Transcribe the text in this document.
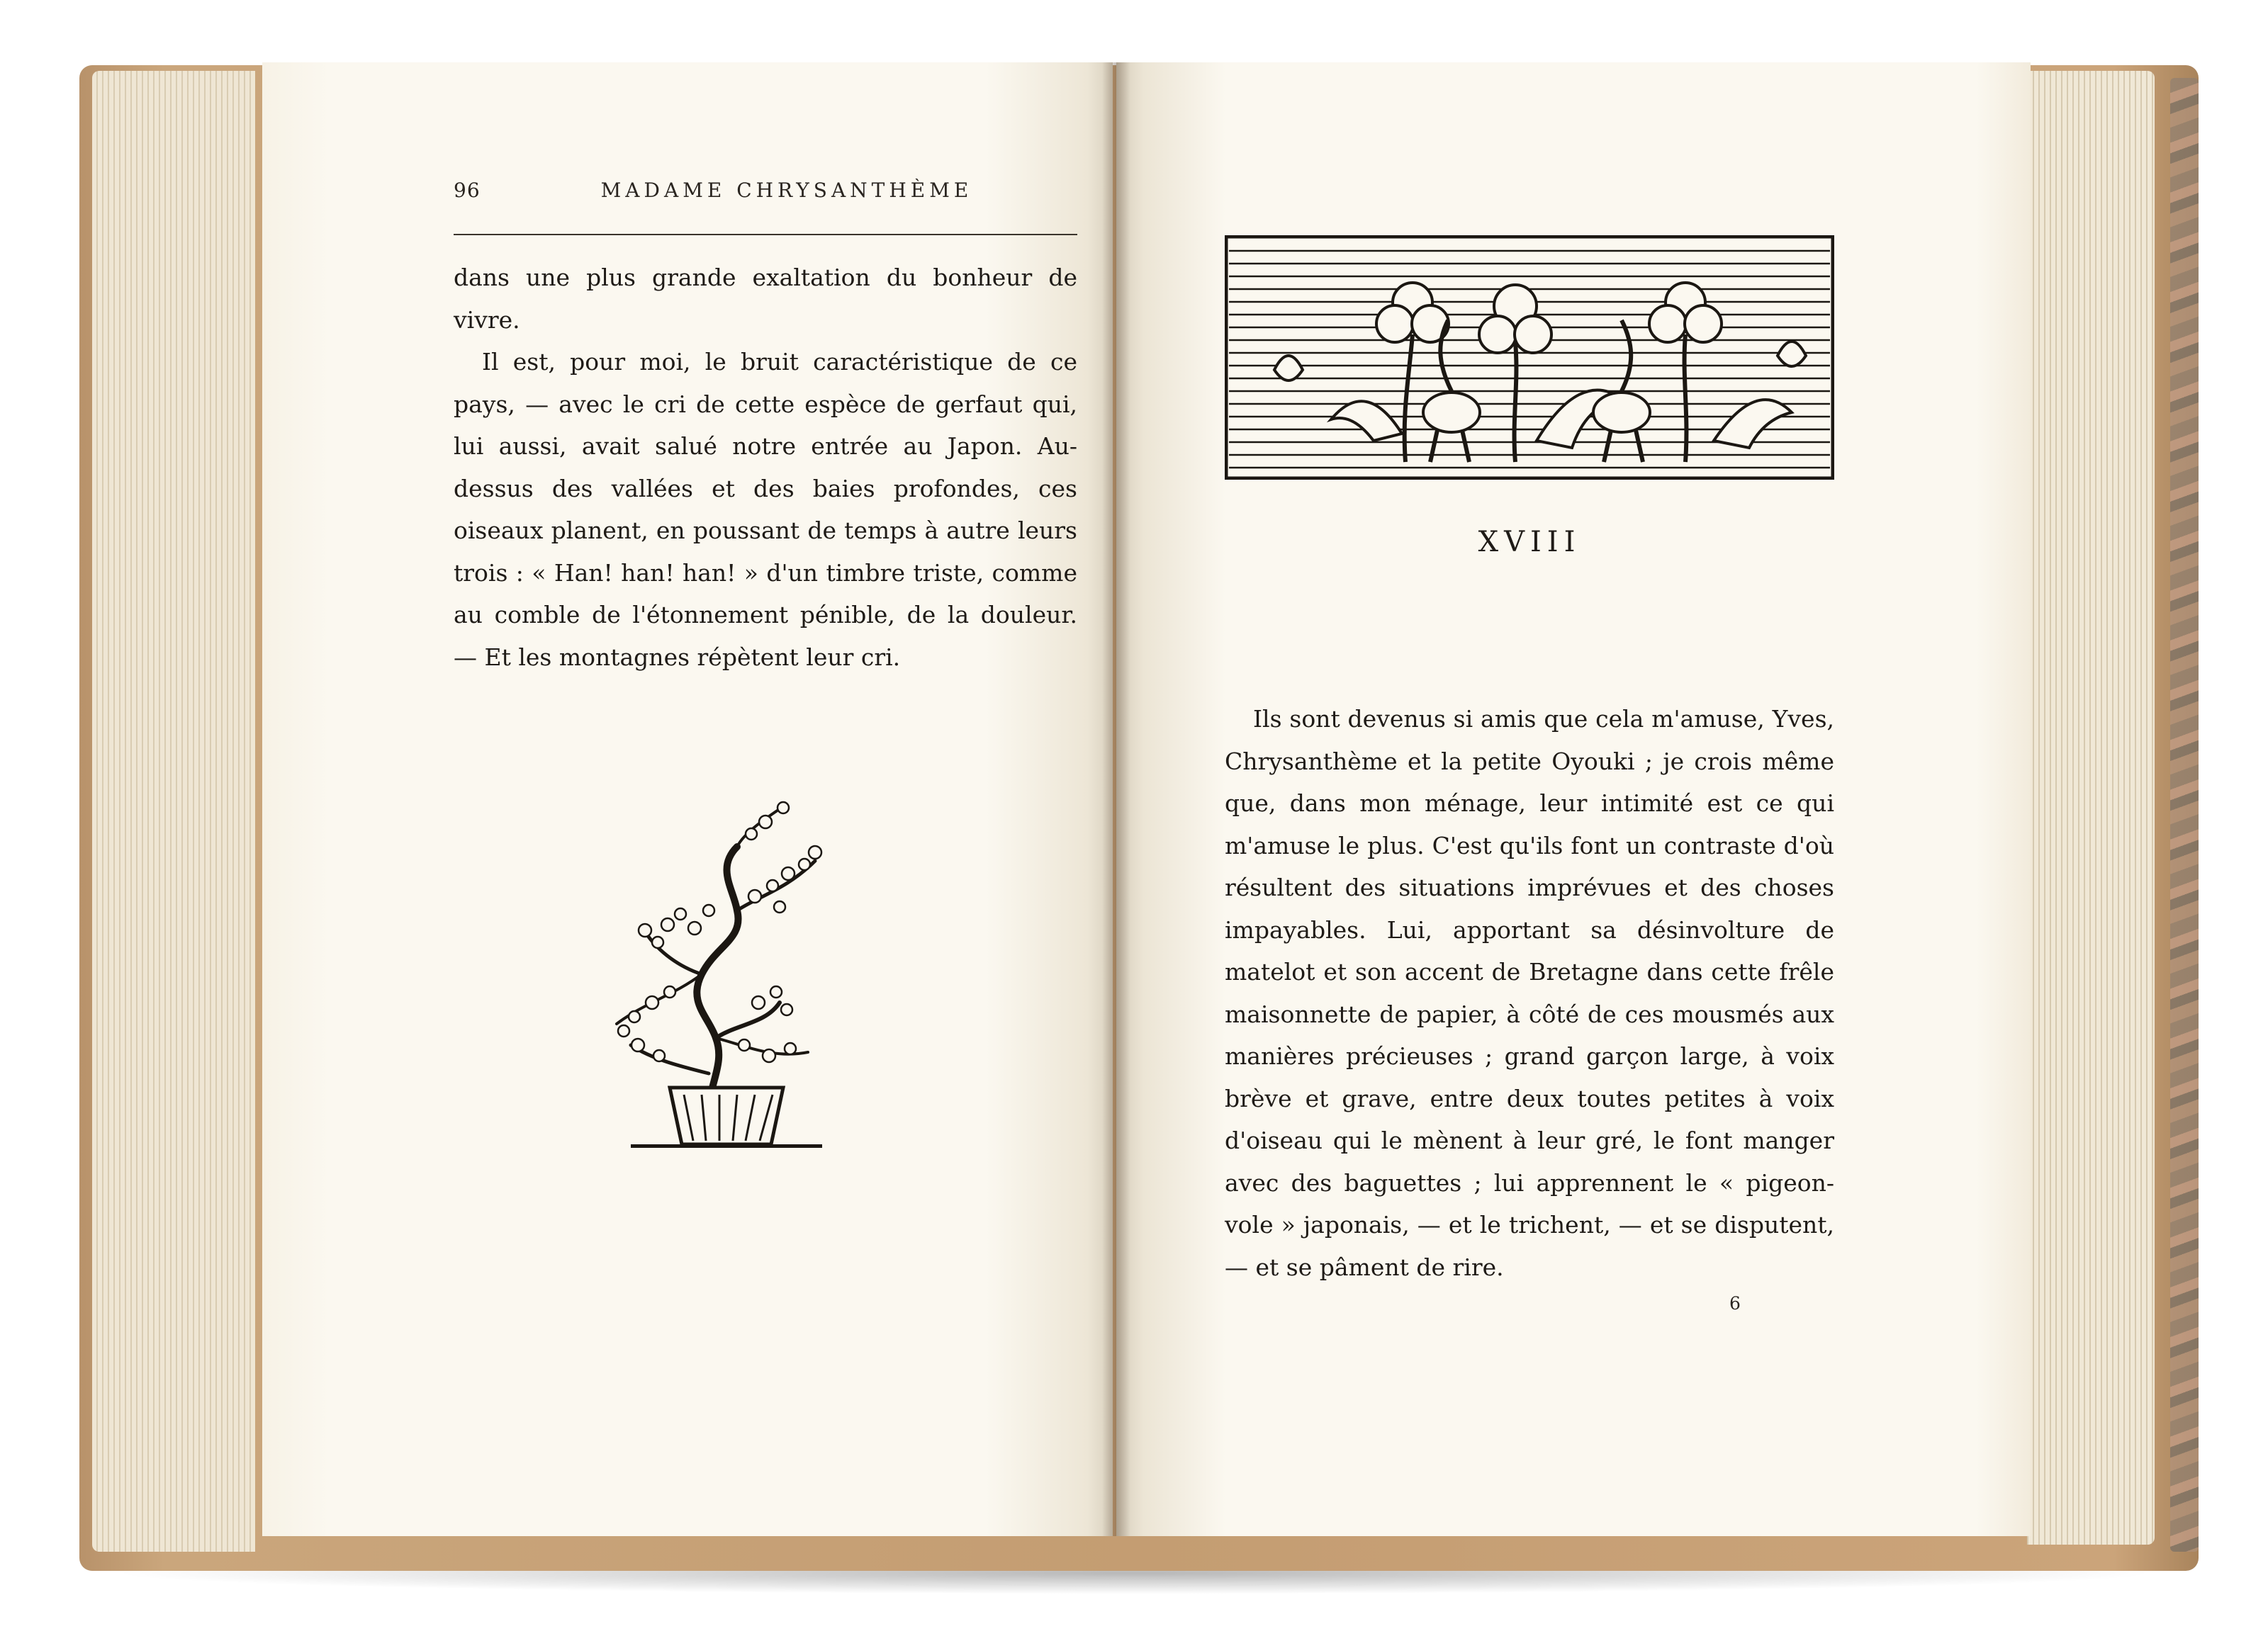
96	MADAME CHRYSANTHÈME

dans une plus grande exaltation du bonheur de vivre.

Il est, pour moi, le bruit caractéristique de ce pays, — avec le cri de cette espèce de gerfaut qui, lui aussi, avait salué notre entrée au Japon. Au-dessus des vallées et des baies profondes, ces oiseaux planent, en poussant de temps à autre leurs trois : « Han! han! han! » d'un timbre triste, comme au comble de l'étonnement pénible, de la douleur. — Et les montagnes répètent leur cri.

XVIII

Ils sont devenus si amis que cela m'amuse, Yves, Chrysanthème et la petite Oyouki ; je crois même que, dans mon ménage, leur intimité est ce qui m'amuse le plus. C'est qu'ils font un contraste d'où résultent des situations imprévues et des choses impayables. Lui, apportant sa désinvolture de matelot et son accent de Bretagne dans cette frêle maisonnette de papier, à côté de ces mousmés aux manières précieuses ; grand garçon large, à voix brève et grave, entre deux toutes petites à voix d'oiseau qui le mènent à leur gré, le font manger avec des baguettes ; lui apprennent le « pigeon-vole » japonais, — et le trichent, — et se disputent, — et se pâment de rire.

6
